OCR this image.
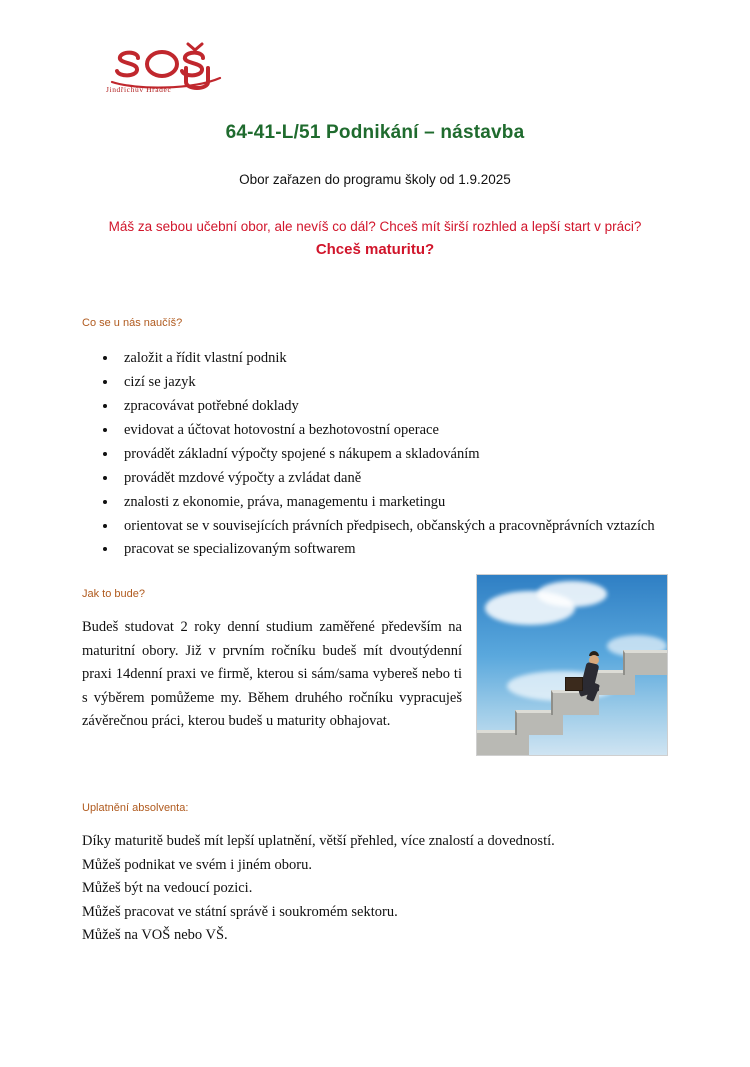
Jindřichův Hradec
64-41-L/51 Podnikání – nástavba

Obor zařazen do programu školy od 1.9.2025

Máš za sebou učební obor, ale nevíš co dál? Chceš mít širší rozhled a lepší start v práci? Chceš maturitu?

Co se u nás naučíš?

• založit a řídit vlastní podnik
• cizí se jazyk
• zpracovávat potřebné doklady
• evidovat a účtovat hotovostní a bezhotovostní operace
• provádět základní výpočty spojené s nákupem a skladováním
• provádět mzdové výpočty a zvládat daně
• znalosti z ekonomie, práva, managementu i marketingu
• orientovat se v souvisejících právních předpisech, občanských a pracovněprávních vztazích
• pracovat se specializovaným softwarem

Jak to bude?

Budeš studovat 2 roky denní studium zaměřené především na maturitní obory. Již v prvním ročníku budeš mít dvoutýdenní praxi 14denní praxi ve firmě, kterou si sám/sama vybereš nebo ti s výběrem pomůžeme my. Během druhého ročníku vypracuješ závěrečnou práci, kterou budeš u maturity obhajovat.

Uplatnění absolventa:

Díky maturitě budeš mít lepší uplatnění, větší přehled, více znalostí a dovedností.
Můžeš podnikat ve svém i jiném oboru.
Můžeš být na vedoucí pozici.
Můžeš pracovat ve státní správě i soukromém sektoru.
Můžeš na VOŠ nebo VŠ.
